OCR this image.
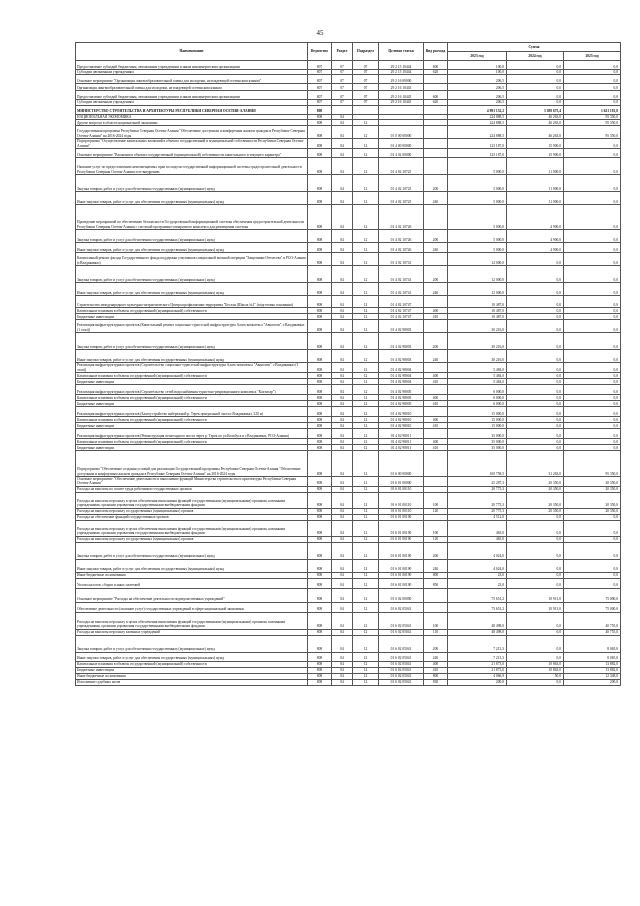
45
Наименование	Ведомство	Раздел	Подраздел	Целевая статья	Вид расхода	Сумма		
						2023 год	2024 год	2025 год
Предоставление субсидий бюджетным, автономным учреждениям и иным некоммерческим организациям	807	07	07	29 2 15 10444	600	100,0	0,0	0,0
Субсидии автономным учреждениям	807	07	07	29 2 15 10444	620	100,0	0,0	0,0
Основное мероприятие "Организация лингвообразовательной смены для молодежи, не владеющей осетинским языком"	807	07	07	29 2 16 00000		206,5	0,0	0,0
Организация лингвообразовательной смены для молодежи, не владеющей осетинским языком	807	07	07	29 2 16 10445		206,5	0,0	0,0
Предоставление субсидий бюджетным, автономным учреждениям и иным некоммерческим организациям	807	07	07	29 2 16 10445	600	206,5	0,0	0,0
Субсидии автономным учреждениям	807	07	07	29 2 16 10445	620	206,5	0,0	0,0
МИНИСТЕРСТВО СТРОИТЕЛЬСТВА И АРХИТЕКТУРЫ РЕСПУБЛИКИ СЕВЕРНАЯ ОСЕТИЯ-АЛАНИЯ	808					4 991 132,2	3 388 675,4	1 621 181,8
НАЦИОНАЛЬНАЯ ЭКОНОМИКА	808	04				224 888,5	46 263,0	95 350,0
Другие вопросы в области национальной экономики	808	04	12			224 888,5	46 263,0	95 350,0
Государственная программа Республики Северная Осетия-Алания "Обеспечение доступным и комфортным жильем граждан в Республике Северная Осетия-Алания" на 2016-2024 годы	808	04	12	01 0 00 00000		224 888,5	46 263,0	95 350,0
Подпрограмма "Осуществление капитальных вложений в объекты государственной и муниципальной собственности Республики Северная Осетия-Алания"	808	04	12	01 4 00 00000		123 187,0	15 900,0	0,0
Основное мероприятие "Вложения в объекты государственной (муниципальной) собственности капитального и текущего характера"	808	04	12	01 4 02 00000		123 187,0	15 900,0	0,0
Оказание услуг по предоставлению невозмещаемых прав по модели государственной информационной системы градостроительной деятельности Республики Северная Осетия-Алания и ее внедрению	808	04	12	01 4 02 10725		5 000,0	11 000,0	0,0
Закупка товаров, работ и услуг для обеспечения государственных (муниципальных) нужд	808	04	12	01 4 02 10725	200	5 000,0	11 000,0	0,0
Иные закупки товаров, работ и услуг для обеспечения государственных (муниципальных) нужд	808	04	12	01 4 02 10725	240	5 000,0	11 000,0	0,0
Проведение мероприятий по обеспечению безопасности Государственной информационной системы обеспечения градостроительной деятельности Республики Северная Осетия-Алания с системой программно-аппаратного комплекса для размещения системы	808	04	12	01 4 02 10726		5 000,0	4 900,0	0,0
Закупка товаров, работ и услуг для обеспечения государственных (муниципальных) нужд	808	04	12	01 4 02 10726	200	5 000,0	4 900,0	0,0
Иные закупки товаров, работ и услуг для обеспечения государственных (муниципальных) нужд	808	04	12	01 4 02 10726	240	5 000,0	4 900,0	0,0
Капитальный ремонт фасада Государственного фонда поддержки участников специальной военной операции "Защитники Отечества" в РСО-Алания (г.Владикавказ)	808	04	12	01 4 02 10741		12 000,0	0,0	0,0
Закупка товаров, работ и услуг для обеспечения государственных (муниципальных) нужд	808	04	12	01 4 02 10741	200	12 000,0	0,0	0,0
Иные закупки товаров, работ и услуг для обеспечения государственных (муниципальных) нужд	808	04	12	01 4 02 10741	240	12 000,0	0,0	0,0
Строительство международного культурно-патриотического Центра профилактики терроризма "Беслан (Школа №1" (подготовка основания)	808	04	12	01 4 02 10747		10 487,0	0,0	0,0
Капитальные вложения в объекты государственной (муниципальной) собственности	808	04	12	01 4 02 10747	400	10 487,0	0,0	0,0
Бюджетные инвестиции	808	04	12	01 4 02 10747	410	10 487,0	0,0	0,0
Реализация инфраструктурных проектов (Капитальный ремонт социально-туристской инфраструктуры Алагь-комплекса "Авиасити", г.Владикавказ (1 этап))	808	04	12	01 4 02 98003		30 216,0	0,0	0,0
Закупка товаров, работ и услуг для обеспечения государственных (муниципальных) нужд	808	04	12	01 4 02 98003	200	30 216,0	0,0	0,0
Иные закупки товаров, работ и услуг для обеспечения государственных (муниципальных) нужд	808	04	12	01 4 02 98003	240	30 216,0	0,0	0,0
Реализация инфраструктурных проектов (Строительство социально-туристской инфраструктуры Алагь-комплекса "Авиасити", г.Владикавказ (1 этап))	808	04	12	01 4 02 98004		5 484,0	0,0	0,0
Капитальные вложения в объекты государственной (муниципальной) собственности	808	04	12	01 4 02 98004	400	5 484,0	0,0	0,0
Бюджетные инвестиции	808	04	12	01 4 02 98004	410	5 484,0	0,0	0,0
Реализация инфраструктурных проектов (Строительство сетей водоснабжения туристско-рекреационного комплекса "Кахтисар")	808	04	12	01 4 02 98005		6 000,0	0,0	0,0
Капитальные вложения в объекты государственной (муниципальной) собственности	808	04	12	01 4 02 98005	400	6 000,0	0,0	0,0
Бюджетные инвестиции	808	04	12	01 4 02 98005	410	6 000,0	0,0	0,0
Реализация инфраструктурных проектов (Благоустройство набережной р. Терек центральной части г.Владикавказ, 320 м)	808	04	12	01 4 02 98010		15 000,0	0,0	0,0
Капитальные вложения в объекты государственной (муниципальной) собственности	808	04	12	01 4 02 98010	400	15 000,0	0,0	0,0
Бюджетные инвестиции	808	04	12	01 4 02 98010	410	15 000,0	0,0	0,0
Реализация инфраструктурных проектов (Реконструкция пешеходного моста через р. Терек по ул.Кольбуса и г.Владикавказ, РСО-Алания)	808	04	12	01 4 02 98011		35 000,0	0,0	0,0
Капитальные вложения в объекты государственной (муниципальной) собственности	808	04	12	01 4 02 98011	400	35 000,0	0,0	0,0
Бюджетные инвестиции	808	04	12	01 4 02 98011	410	35 000,0	0,0	0,0
Подпрограмма "Обеспечение создания условий для реализации Государственной программы Республики Северная Осетия-Алания "Обеспечение доступным и комфортным жильем граждан в Республике Северная Осетия-Алания" на 2016-2024 годы	808	04	12	01 6 00 00000		100 758,5	31 263,0	95 350,0
Основное мероприятие "Обеспечение деятельности и выполнение функций Министерства строительства и архитектуры Республики Северная Осетия-Алания"	808	04	12	01 6 01 00000		25 287,3	20 350,0	20 350,0
Расходы на выплаты по оплате труда работников государственных органов	808	04	12	01 6 01 00110		20 775,3	20 350,0	20 350,0
Расходы на выплаты персоналу в целях обеспечения выполнения функций государственными (муниципальными) органами, казенными учреждениями, органами управления государственными внебюджетными фондами	808	04	12	01 6 01 00110	100	20 775,3	20 350,0	20 350,0
Расходы на выплаты персоналу государственных (муниципальных) органов	808	04	12	01 6 01 00110	120	20 775,3	20 350,0	20 350,0
Расходы на обеспечение функций государственных органов	808	04	12	01 6 01 00190		4 512,0	0,0	0,0
Расходы на выплаты персоналу в целях обеспечения выполнения функций государственными (муниципальными) органами, казенными учреждениями, органами управления государственными внебюджетными фондами	808	04	12	01 6 01 00190	100	465,0	0,0	0,0
Расходы на выплаты персоналу государственных (муниципальных) органов	808	04	12	01 6 01 00190	120	465,0	0,0	0,0
Закупка товаров, работ и услуг для обеспечения государственных (муниципальных) нужд	808	04	12	01 6 01 00190	200	4 024,0	0,0	0,0
Иные закупки товаров, работ и услуг для обеспечения государственных (муниципальных) нужд	808	04	12	01 6 01 00190	240	4 024,0	0,0	0,0
Иные бюджетные ассигнования	808	04	12	01 6 01 00190	800	23,0	0,0	0,0
Уплата налогов, сборов и иных платежей	808	04	12	01 6 01 00190	850	23,0	0,0	0,0
Основное мероприятие "Расходы на обеспечение деятельности подведомственных учреждений"	808	04	12	01 6 02 00000		75 651,2	10 913,0	75 000,0
Обеспечение деятельности (оказание услуг) государственных учреждений в сфере национальной экономики	808	04	12	01 6 02 05041		75 651,2	10 913,0	75 000,0
Расходы на выплаты персоналу в целях обеспечения выполнения функций государственными (муниципальными) органами, казенными учреждениями, органами управления государственными внебюджетными фондами	808	04	12	01 6 02 05041	100	48 498,0	0,0	40 755,0
Расходы на выплаты персоналу казенных учреждений	808	04	12	01 6 02 05041	110	48 498,0	0,0	40 755,0
Закупка товаров, работ и услуг для обеспечения государственных (муниципальных) нужд	808	04	12	01 6 02 05041	200	7 213,3	0,0	8 065,0
Иные закупки товаров, работ и услуг для обеспечения государственных (муниципальных) нужд	808	04	12	01 6 02 05041	240	7 213,3	0,0	8 065,0
Капитальные вложения в объекты государственной (муниципальной) собственности	808	04	12	01 6 02 05041	400	21 873,0	10 863,0	13 882,0
Бюджетные инвестиции	808	04	12	01 6 02 05041	410	21 873,0	10 863,0	13 882,0
Иные бюджетные ассигнования	808	04	12	01 6 02 05041	800	4 066,9	50,0	12 348,0
Исполнение судебных актов	808	04	12	01 6 02 05041	830	200,0	0,0	200,0
